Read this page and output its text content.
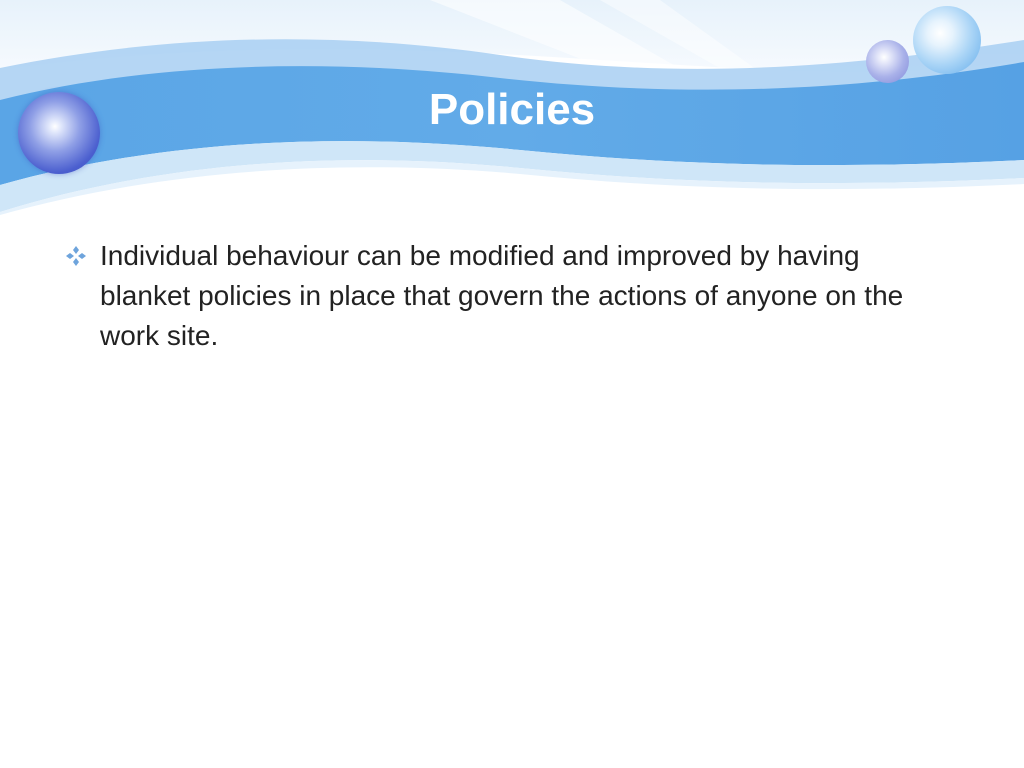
Policies

Individual behaviour can be modified and improved by having blanket policies in place that govern the actions of anyone on the work site.
